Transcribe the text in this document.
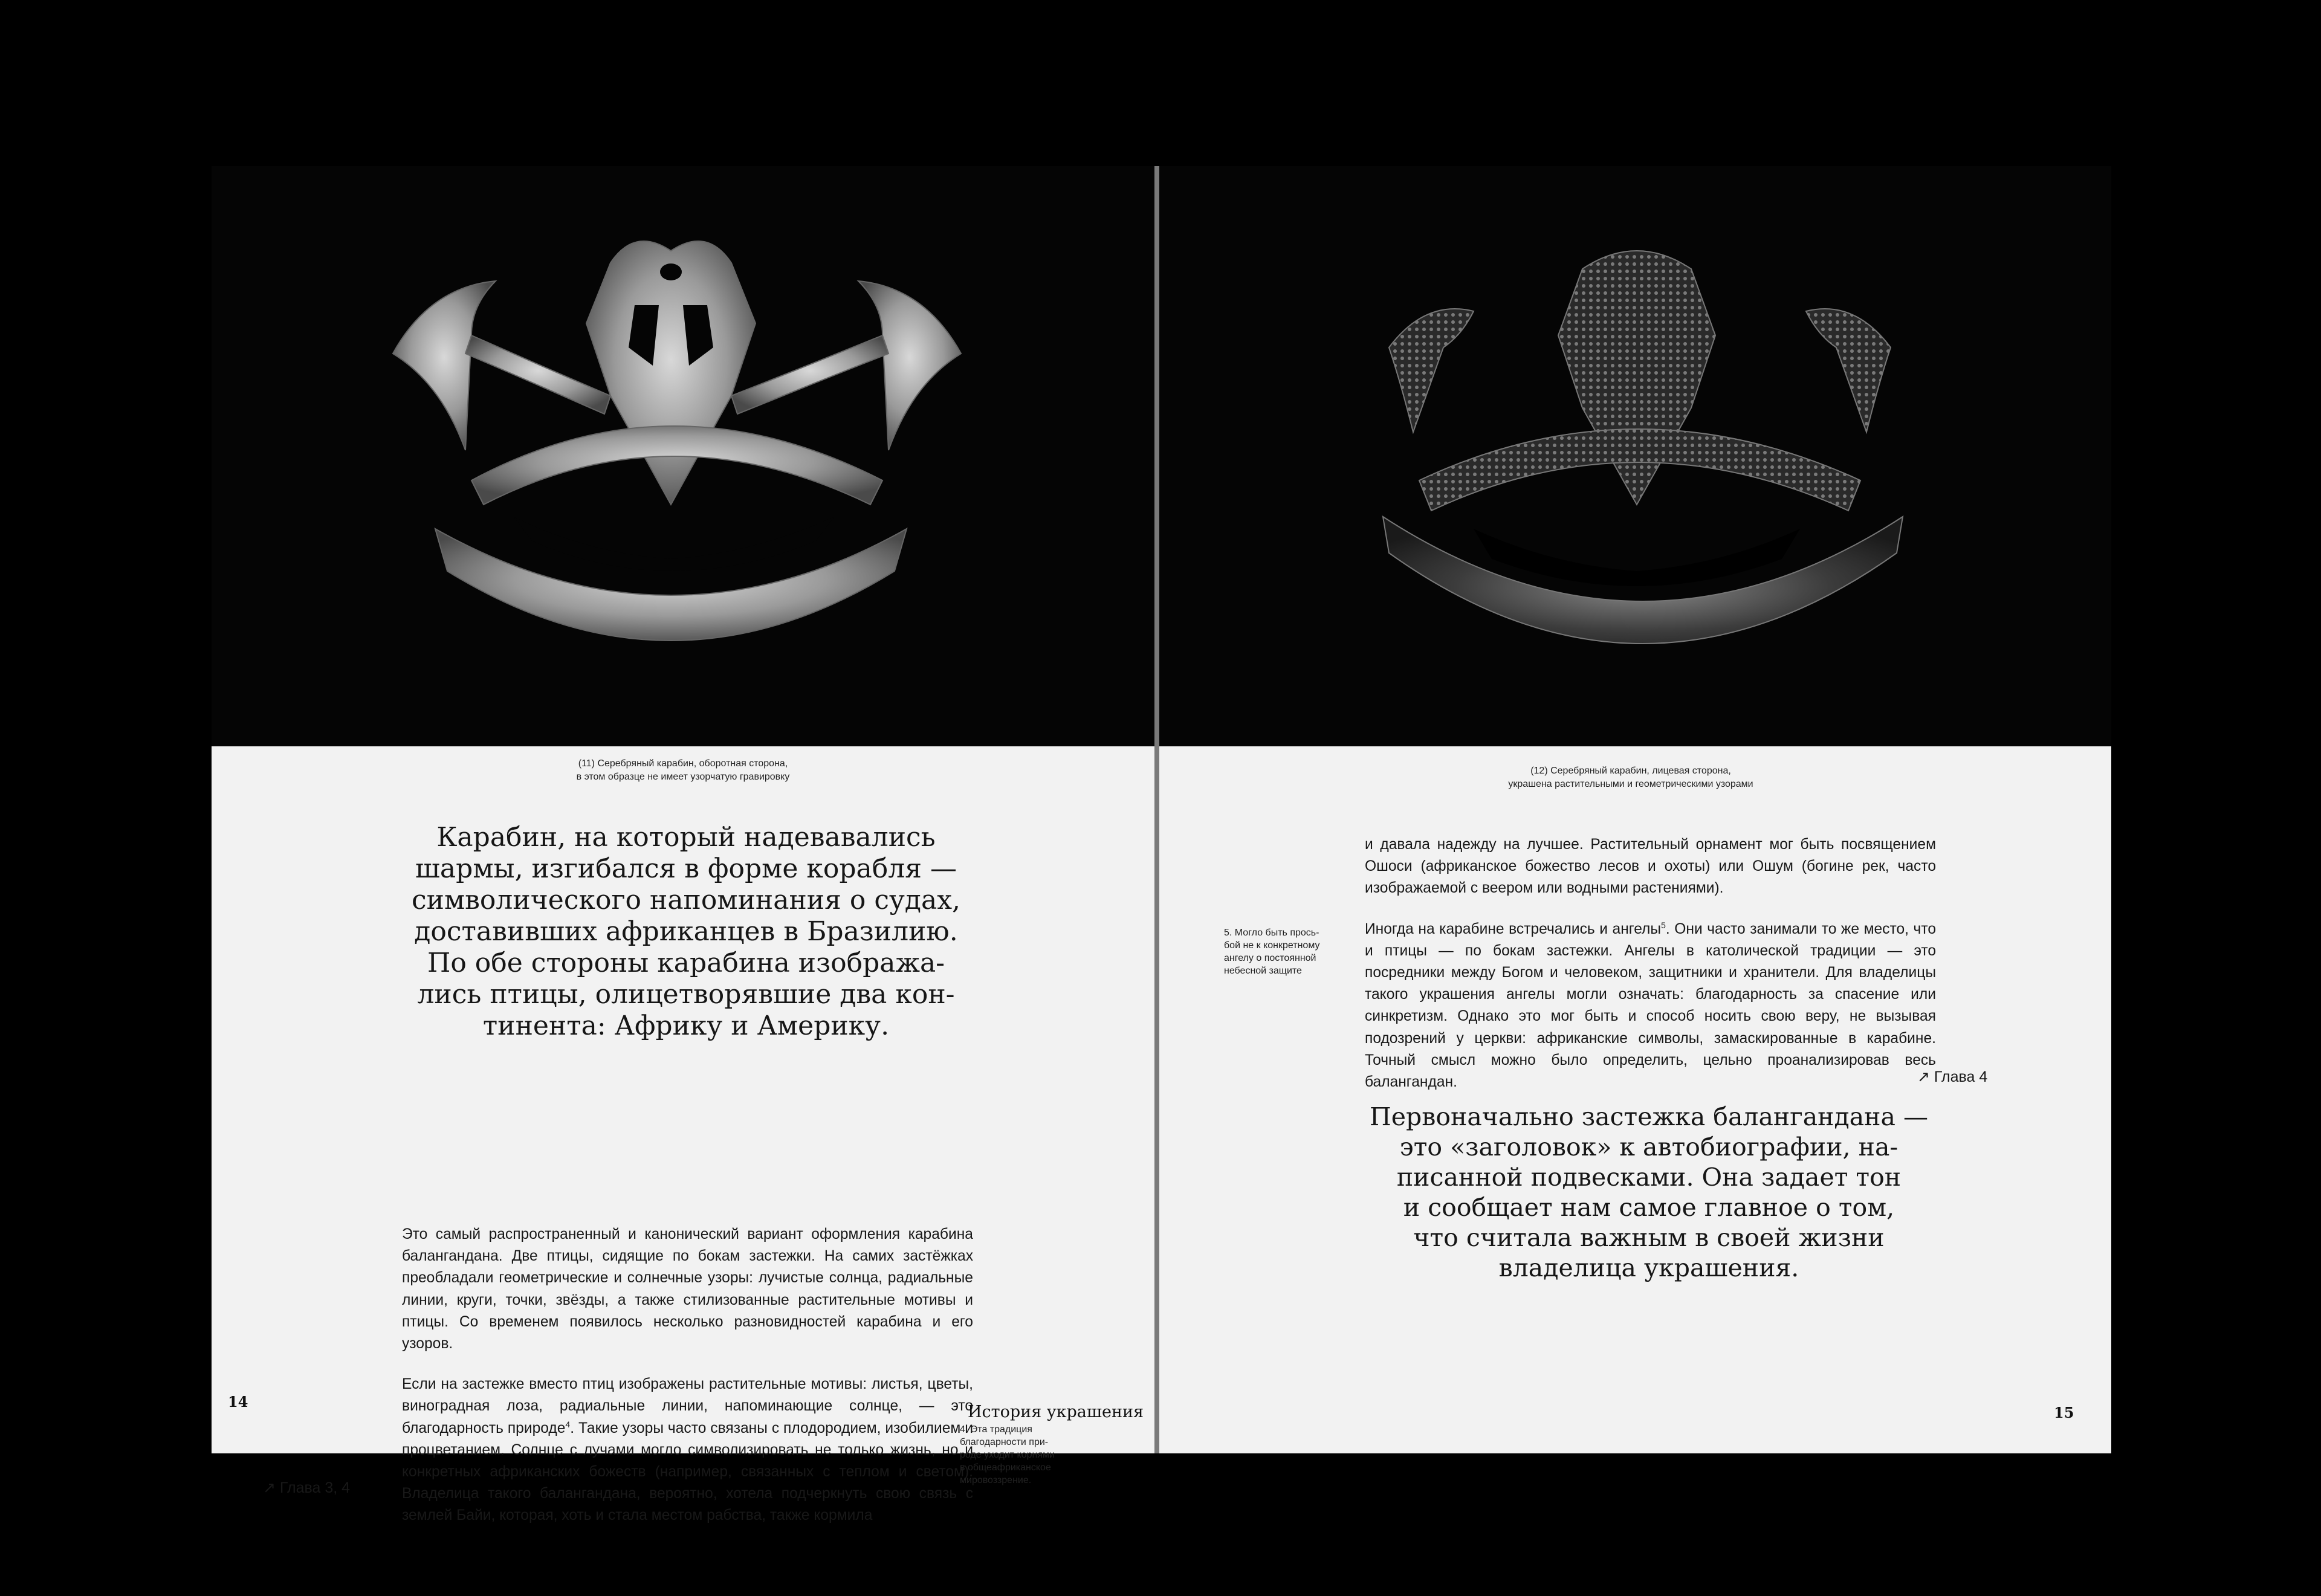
(11) Серебряный карабин, оборотная сторона,
в этом образце не имеет узорчатую гравировку
Карабин, на который надевавались
шармы, изгибался в форме корабля —
символического напоминания о судах,
доставивших африканцев в Бразилию.
По обе стороны карабина изобража-
лись птицы, олицетворявшие два кон-
тинента: Африку и Америку.

Это самый распространенный и канонический вариант оформления карабина балангандана. Две птицы, сидящие по бокам застежки. На самих застёжках преобладали геометрические и солнечные узоры: лучистые солнца, радиальные линии, круги, точки, звёзды, а также стилизованные растительные мотивы и птицы. Со временем появилось несколько разновидностей карабина и его узоров.

Если на застежке вместо птиц изображены растительные мотивы: листья, цветы, виноградная лоза, радиальные линии, напоминающие солнце, — это благодарность природе$^4$. Такие узоры часто связаны с плодородием, изобилием и процветанием. Солнце с лучами могло символизировать не только жизнь, но и конкретных африканских божеств (например, связанных с теплом и светом). Владелица такого балангандана, вероятно, хотела подчеркнуть свою связь с землей Байи, которая, хоть и стала местом рабства, также кормила

4. Эта традиция
благодарности при-
роде уходит корнями
в общеафриканское
мировоззрение.
↗ Глава 3, 4
14
История украшения
(12) Серебряный карабин, лицевая сторона,
украшена растительными и геометрическими узорами

и давала надежду на лучшее. Растительный орнамент мог быть посвящением Ошоси (африканское божество лесов и охоты) или Ошум (богине рек, часто изображаемой с веером или водными растениями).

Иногда на карабине встречались и ангелы$^5$. Они часто занимали то же место, что и птицы — по бокам застежки. Ангелы в католической традиции — это посредники между Богом и человеком, защитники и хранители. Для владелицы такого украшения ангелы могли означать: благодарность за спасение или синкретизм. Однако это мог быть и способ носить свою веру, не вызывая подозрений у церкви: африканские символы, замаскированные в карабине. Точный смысл можно было определить, цельно проанализировав весь балангандан.

5. Могло быть прось-
бой не к конкретному
ангелу о постоянной
небесной защите
↗ Глава 4
Первоначально застежка балангандана —
это «заголовок» к автобиографии, на-
писанной подвесками. Она задает тон
и сообщает нам самое главное о том,
что считала важным в своей жизни
владелица украшения.
15
